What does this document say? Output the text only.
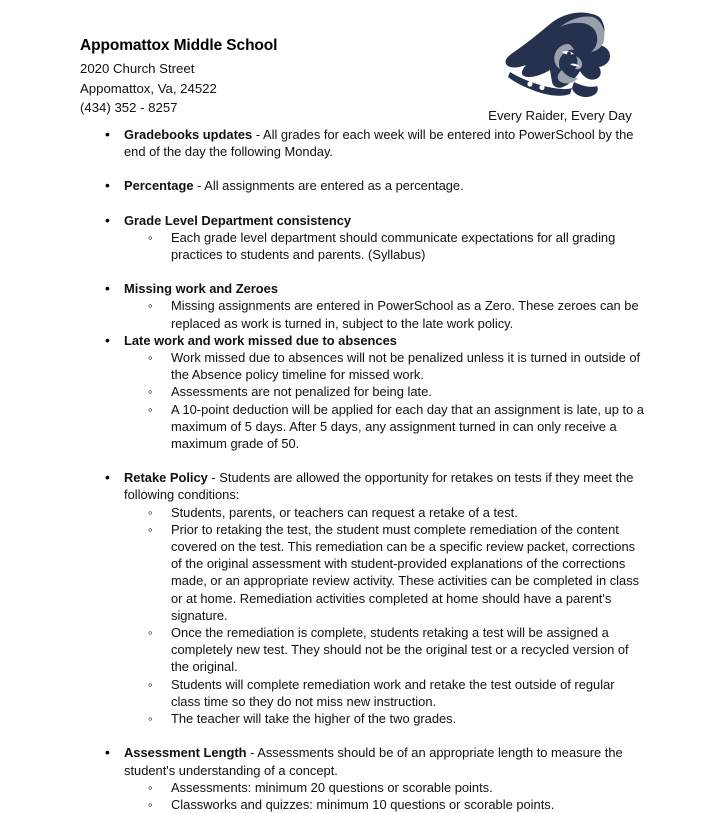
Appomattox Middle School
2020 Church Street
Appomattox, Va, 24522
(434) 352 - 8257
Every Raider, Every Day
• Gradebooks updates - All grades for each week will be entered into PowerSchool by the end of the day the following Monday.
• Percentage - All assignments are entered as a percentage.
• Grade Level Department consistency
◦ Each grade level department should communicate expectations for all grading practices to students and parents. (Syllabus)
• Missing work and Zeroes
◦ Missing assignments are entered in PowerSchool as a Zero. These zeroes can be replaced as work is turned in, subject to the late work policy.
• Late work and work missed due to absences
◦ Work missed due to absences will not be penalized unless it is turned in outside of the Absence policy timeline for missed work.
◦ Assessments are not penalized for being late.
◦ A 10-point deduction will be applied for each day that an assignment is late, up to a maximum of 5 days. After 5 days, any assignment turned in can only receive a maximum grade of 50.
• Retake Policy - Students are allowed the opportunity for retakes on tests if they meet the following conditions:
◦ Students, parents, or teachers can request a retake of a test.
◦ Prior to retaking the test, the student must complete remediation of the content covered on the test. This remediation can be a specific review packet, corrections of the original assessment with student-provided explanations of the corrections made, or an appropriate review activity. These activities can be completed in class or at home. Remediation activities completed at home should have a parent's signature.
◦ Once the remediation is complete, students retaking a test will be assigned a completely new test. They should not be the original test or a recycled version of the original.
◦ Students will complete remediation work and retake the test outside of regular class time so they do not miss new instruction.
◦ The teacher will take the higher of the two grades.
• Assessment Length - Assessments should be of an appropriate length to measure the student's understanding of a concept.
◦ Assessments: minimum 20 questions or scorable points.
◦ Classworks and quizzes: minimum 10 questions or scorable points.
